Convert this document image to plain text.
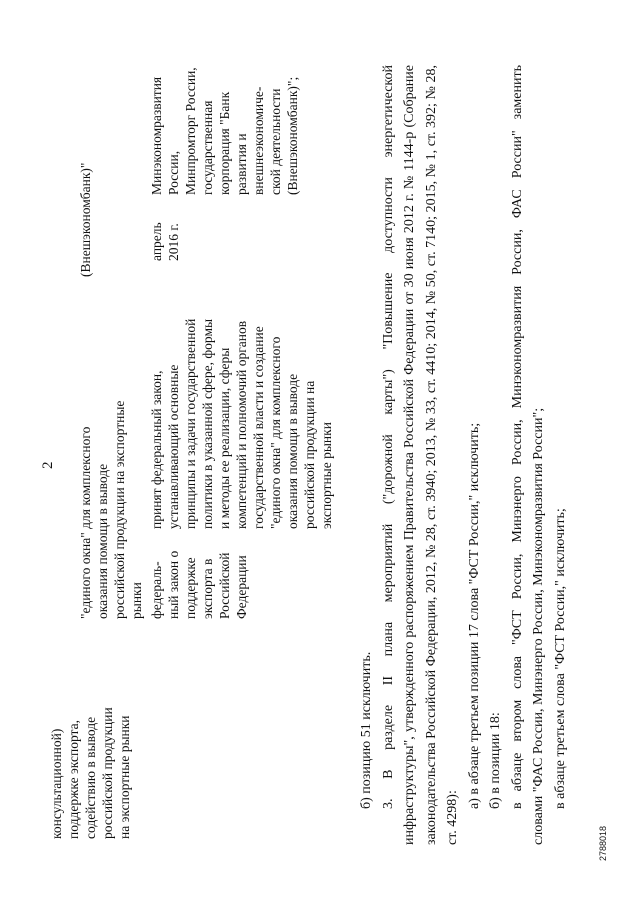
2
консультационной) поддержке экспорта, содействию в выводе российской продукции на экспортные рынки
"единого окна" для комплексного оказания помощи в выводе российской продукции на экспортные рынки
(Внешэкономбанк)"
федераль- ный закон о поддержке экспорта в Российской Федерации
принят федеральный закон, устанавливающий основные принципы и задачи государственной политики в указанной сфере, формы и методы ее реализации, сферы компетенций и полномочий органов государственной власти и создание "единого окна" для комплексного оказания помощи в выводе российской продукции на экспортные рынки
апрель 2016 г.
Минэкономразвития России, Минпромторг России, государственная корпорация "Банк развития и внешнеэкономиче- ской деятельности (Внешэкономбанк)";

б) позицию 51 исключить. 3. В разделе II плана мероприятий ("дорожной карты") "Повышение доступности энергетической инфраструктуры", утвержденного распоряжением Правительства Российской Федерации от 30 июня 2012 г. № 1144-р (Собрание законодательства Российской Федерации, 2012, № 28, ст. 3940; 2013, № 33, ст. 4410; 2014, № 50, ст. 7140; 2015, № 1, ст. 392; № 28, ст. 4298):

а) в абзаце третьем позиции 17 слова "ФСТ России," исключить; б) в позиции 18: в абзаце втором слова "ФСТ России, Минэнерго России, Минэкономразвития России, ФАС России" заменить словами "ФАС России, Минэнерго России, Минэкономразвития России"; в абзаце третьем слова "ФСТ России," исключить;

2788018
